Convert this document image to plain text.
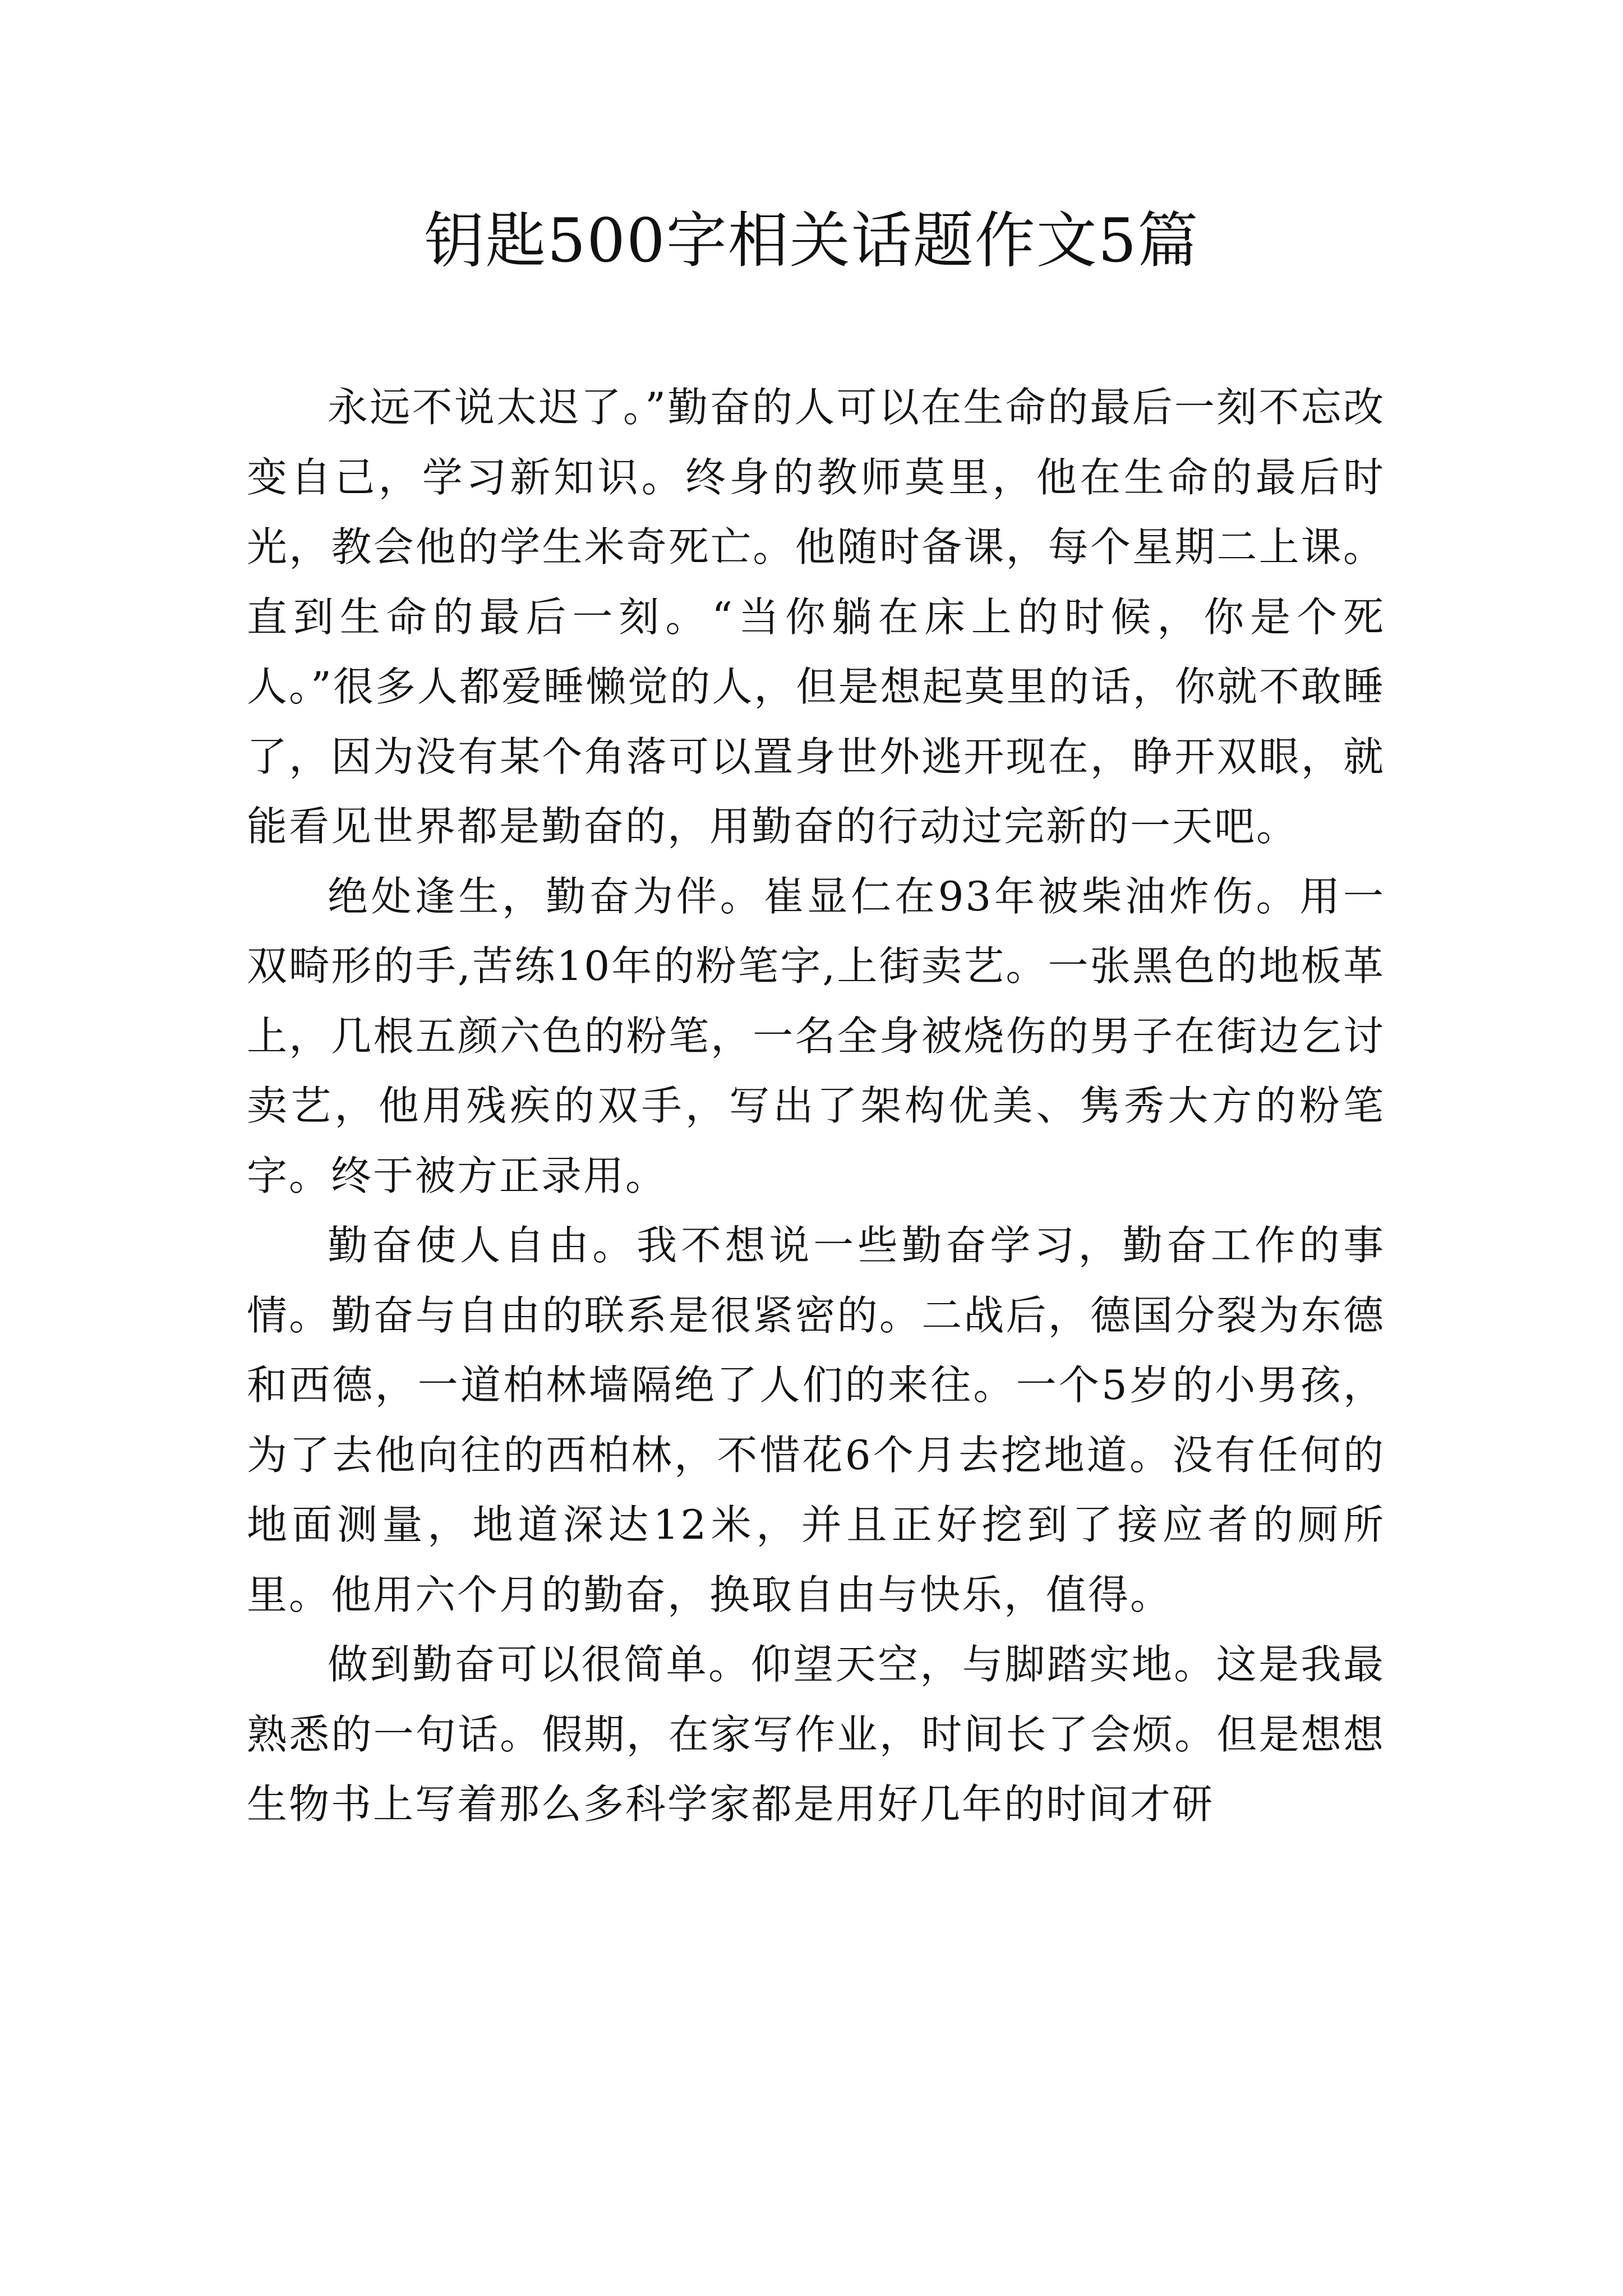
钥匙500字相关话题作文5篇

永远不说太迟了。”勤奋的人可以在生命的最后一刻不忘改变自己，学习新知识。终身的教师莫里，他在生命的最后时光，教会他的学生米奇死亡。他随时备课，每个星期二上课。直到生命的最后一刻。“当你躺在床上的时候，你是个死人。”很多人都爱睡懒觉的人，但是想起莫里的话，你就不敢睡了，因为没有某个角落可以置身世外逃开现在，睁开双眼，就能看见世界都是勤奋的，用勤奋的行动过完新的一天吧。

绝处逢生，勤奋为伴。崔显仁在93年被柴油炸伤。用一双畸形的手,苦练10年的粉笔字,上街卖艺。一张黑色的地板革上，几根五颜六色的粉笔，一名全身被烧伤的男子在街边乞讨卖艺，他用残疾的双手，写出了架构优美、隽秀大方的粉笔字。终于被方正录用。

勤奋使人自由。我不想说一些勤奋学习，勤奋工作的事情。勤奋与自由的联系是很紧密的。二战后，德国分裂为东德和西德，一道柏林墙隔绝了人们的来往。一个5岁的小男孩，为了去他向往的西柏林，不惜花6个月去挖地道。没有任何的地面测量，地道深达12米，并且正好挖到了接应者的厕所里。他用六个月的勤奋，换取自由与快乐，值得。

做到勤奋可以很简单。仰望天空，与脚踏实地。这是我最熟悉的一句话。假期，在家写作业，时间长了会烦。但是想想生物书上写着那么多科学家都是用好几年的时间才研
